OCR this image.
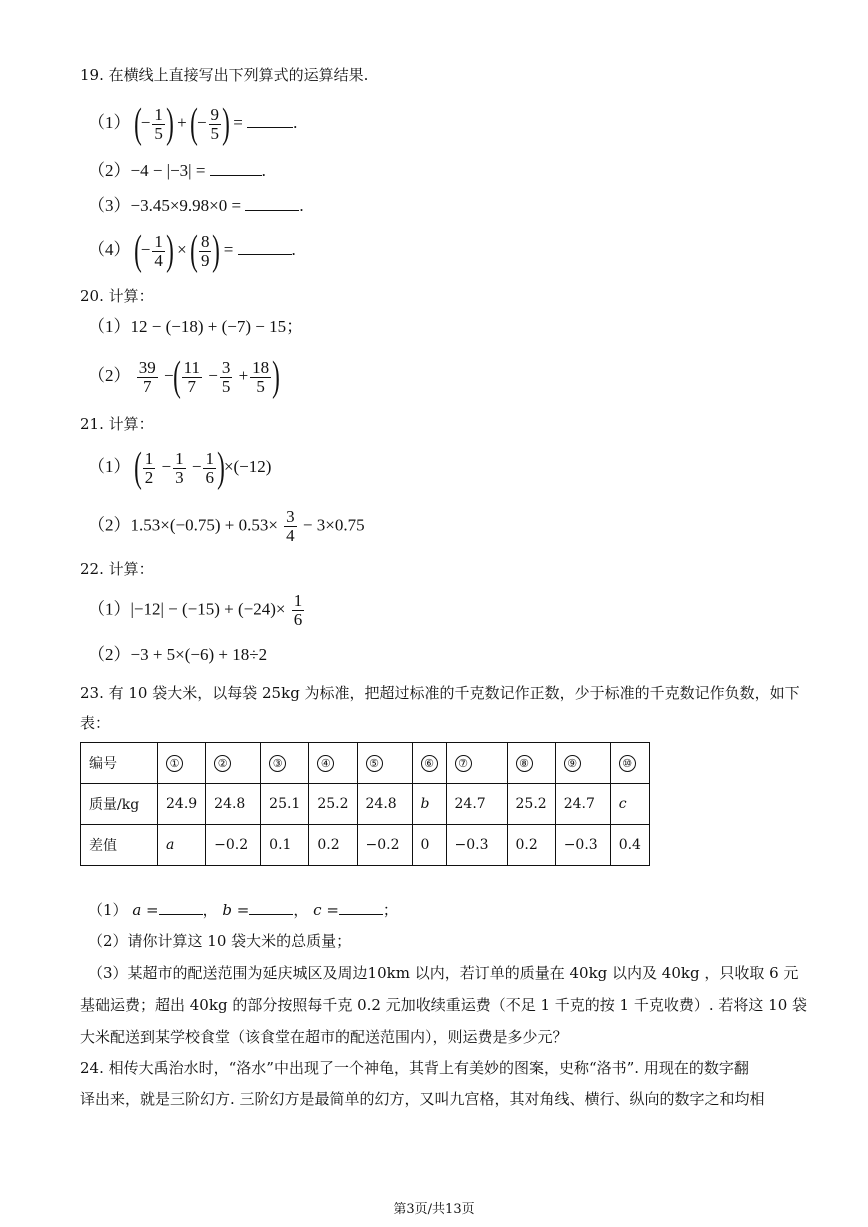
19. 在横线上直接写出下列算式的运算结果.
（1） (− $\frac{1}{5}$ ) + (− $\frac{9}{5}$ ) =	.
（2）−4 − |−3| =	.
（3）−3.45×9.98×0 =	.
（4） (− $\frac{1}{4}$ ) × ( $\frac{8}{9}$ ) =	.
20. 计算：
（1）12 − (−18) + (−7) − 15；
$(2) \frac{39}{7}$ −( $\frac{11}{7} - \frac{3}{5} + \frac{18}{5}$ )
21. 计算：
（1） ( $\frac{1}{2} - \frac{1}{3} - \frac{1}{6} )\times(-12)$
$(2)1.53\times(-0.75) + 0.53\times \frac{3}{4} - 3\times 0.75$
22. 计算：
$(1)|-12| - (-15) + (-24)\times \frac{1}{6}$
（2）−3 + 5×(−6) + 18÷2
23. 有 10 袋大米，以每袋 25kg 为标准，把超过标准的千克数记作正数，少于标准的千克数记作负数，如下
表：
编号	①	②	③	④	⑤	⑥	⑦	⑧	⑨	⑩
质量/kg	24.9	24.8	25.1	25.2	24.8	b	24.7	25.2	24.7	c
差值	a	−0.2	0.1	0.2	−0.2	0	−0.3	0.2	−0.3	0.4
（1） a =	， b =	， c =	；
（2）请你计算这 10 袋大米的总质量；
（3）某超市的配送范围为延庆城区及周边10km 以内，若订单的质量在 40kg 以内及 40kg ，只收取 6 元
基础运费；超出 40kg 的部分按照每千克 0.2 元加收续重运费（不足 1 千克的按 1 千克收费）. 若将这 10 袋
大米配送到某学校食堂（该食堂在超市的配送范围内），则运费是多少元？
24. 相传大禹治水时，“洛水”中出现了一个神龟，其背上有美妙的图案，史称“洛书”. 用现在的数字翻
译出来，就是三阶幻方. 三阶幻方是最简单的幻方，又叫九宫格，其对角线、横行、纵向的数字之和均相
第3页/共13页
